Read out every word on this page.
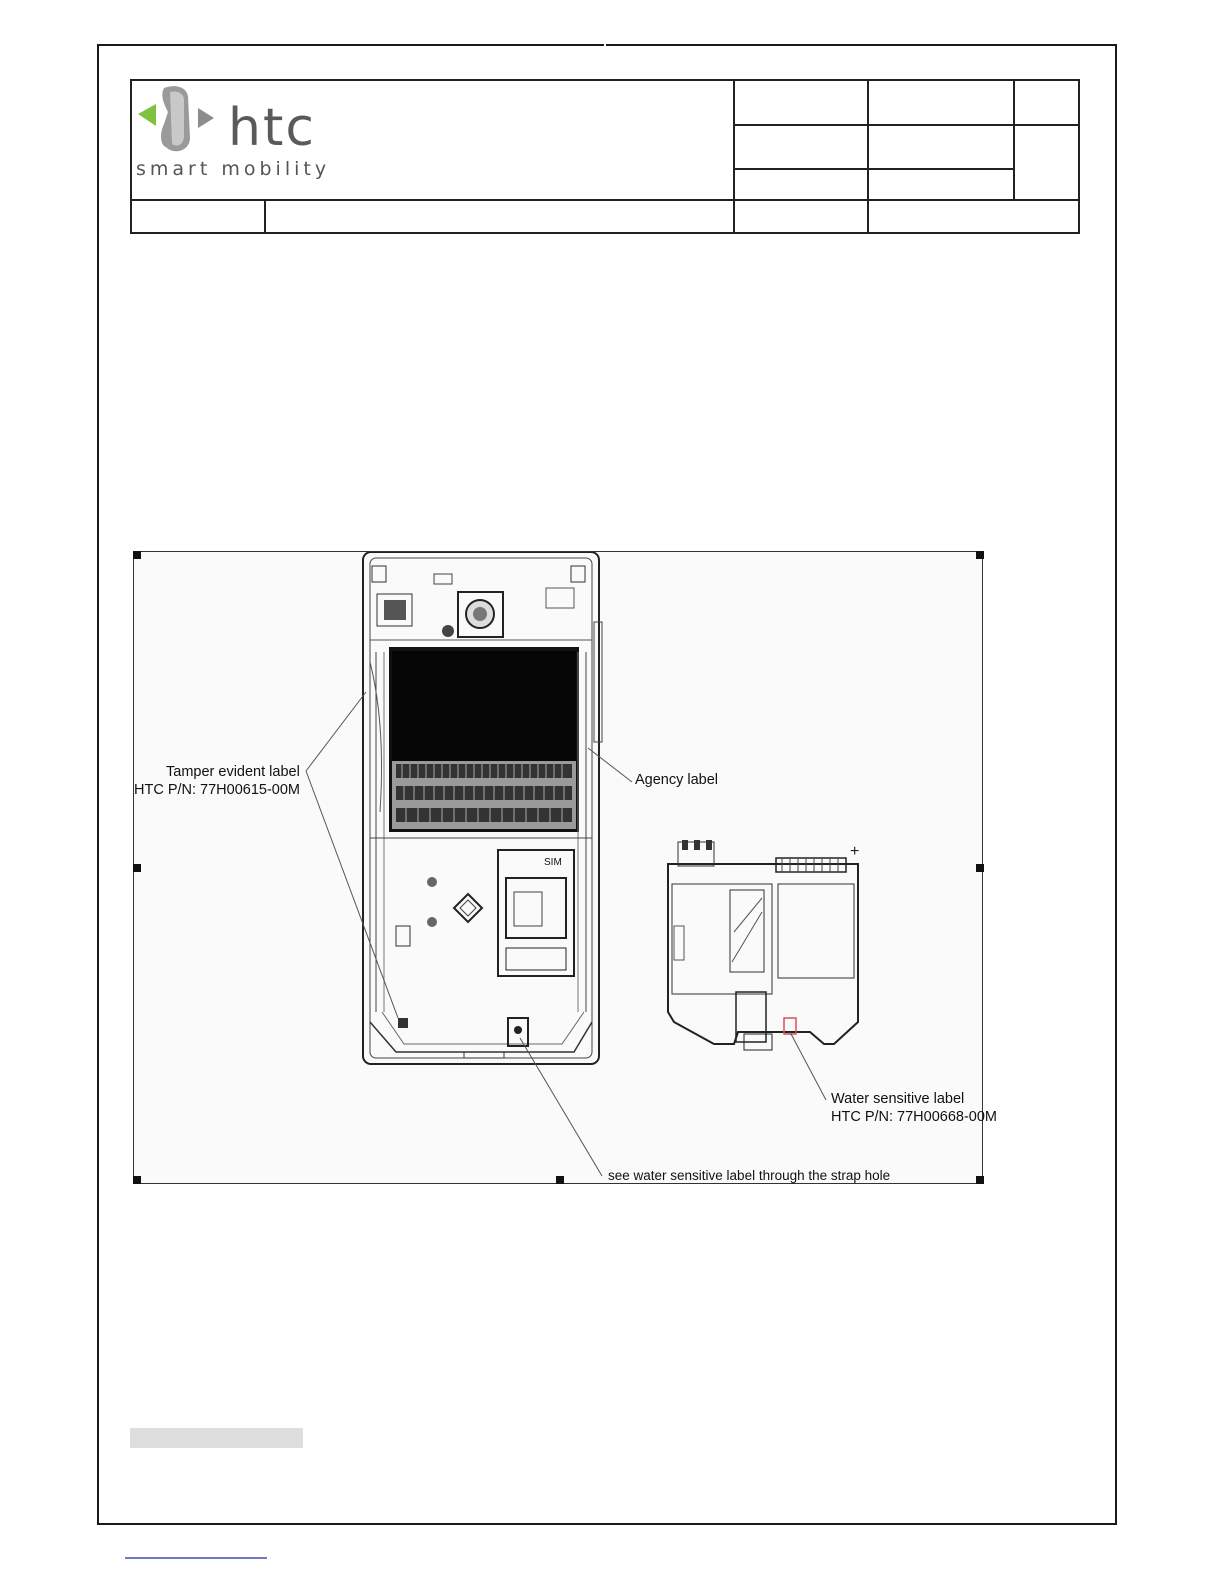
htc
smart mobility
+
Tamper evident label
HTC P/N: 77H00615-00M
Agency label
Water sensitive label
HTC P/N: 77H00668-00M
see water sensitive label through the strap hole
SIM
